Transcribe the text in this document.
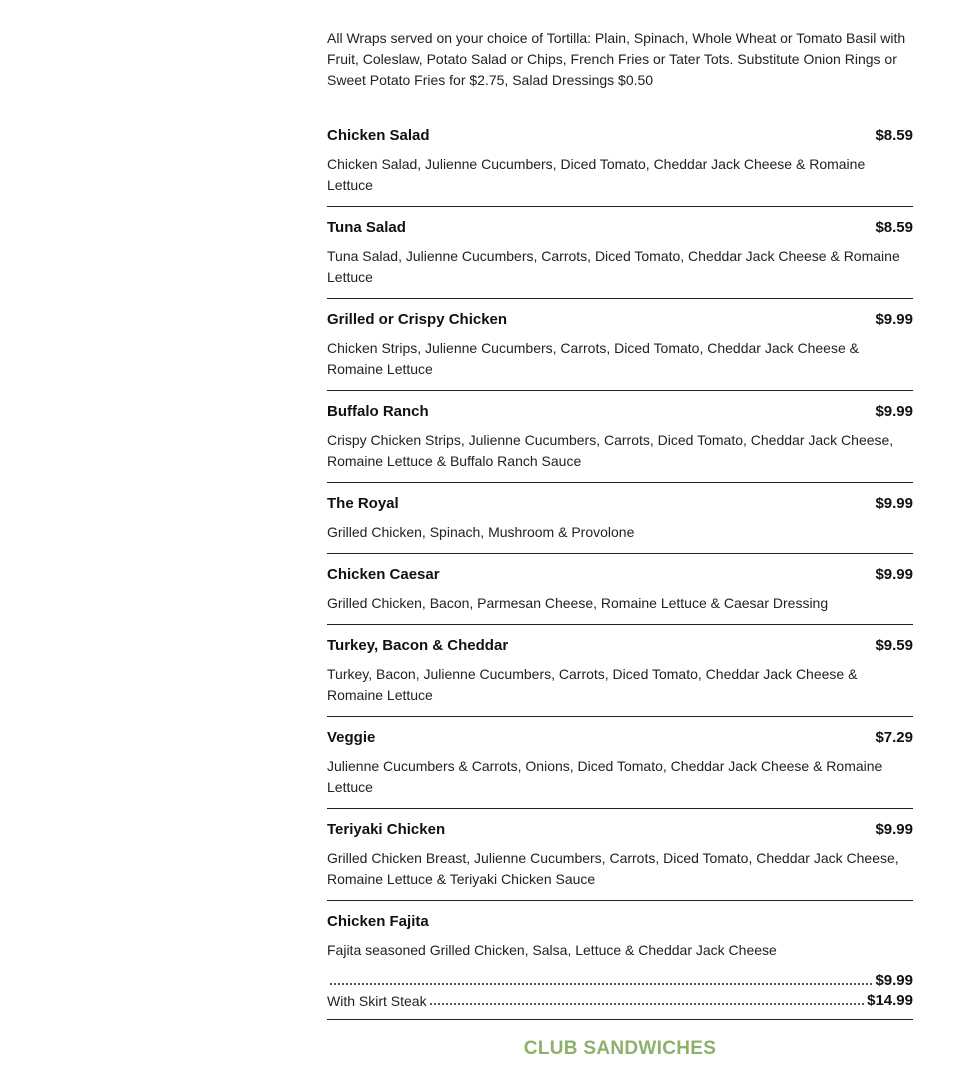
All Wraps served on your choice of Tortilla: Plain, Spinach, Whole Wheat or Tomato Basil with Fruit, Coleslaw, Potato Salad or Chips, French Fries or Tater Tots. Substitute Onion Rings or Sweet Potato Fries for $2.75, Salad Dressings $0.50

Chicken Salad	$8.59
Chicken Salad, Julienne Cucumbers, Diced Tomato, Cheddar Jack Cheese & Romaine Lettuce
Tuna Salad	$8.59
Tuna Salad, Julienne Cucumbers, Carrots, Diced Tomato, Cheddar Jack Cheese & Romaine Lettuce
Grilled or Crispy Chicken	$9.99
Chicken Strips, Julienne Cucumbers, Carrots, Diced Tomato, Cheddar Jack Cheese & Romaine Lettuce
Buffalo Ranch	$9.99
Crispy Chicken Strips, Julienne Cucumbers, Carrots, Diced Tomato, Cheddar Jack Cheese, Romaine Lettuce & Buffalo Ranch Sauce
The Royal	$9.99
Grilled Chicken, Spinach, Mushroom & Provolone
Chicken Caesar	$9.99
Grilled Chicken, Bacon, Parmesan Cheese, Romaine Lettuce & Caesar Dressing
Turkey, Bacon & Cheddar	$9.59
Turkey, Bacon, Julienne Cucumbers, Carrots, Diced Tomato, Cheddar Jack Cheese & Romaine Lettuce
Veggie	$7.29
Julienne Cucumbers & Carrots, Onions, Diced Tomato, Cheddar Jack Cheese & Romaine Lettuce
Teriyaki Chicken	$9.99
Grilled Chicken Breast, Julienne Cucumbers, Carrots, Diced Tomato, Cheddar Jack Cheese, Romaine Lettuce & Teriyaki Chicken Sauce
Chicken Fajita
Fajita seasoned Grilled Chicken, Salsa, Lettuce & Cheddar Jack Cheese
$9.99
With Skirt Steak	$14.99
CLUB SANDWICHES
